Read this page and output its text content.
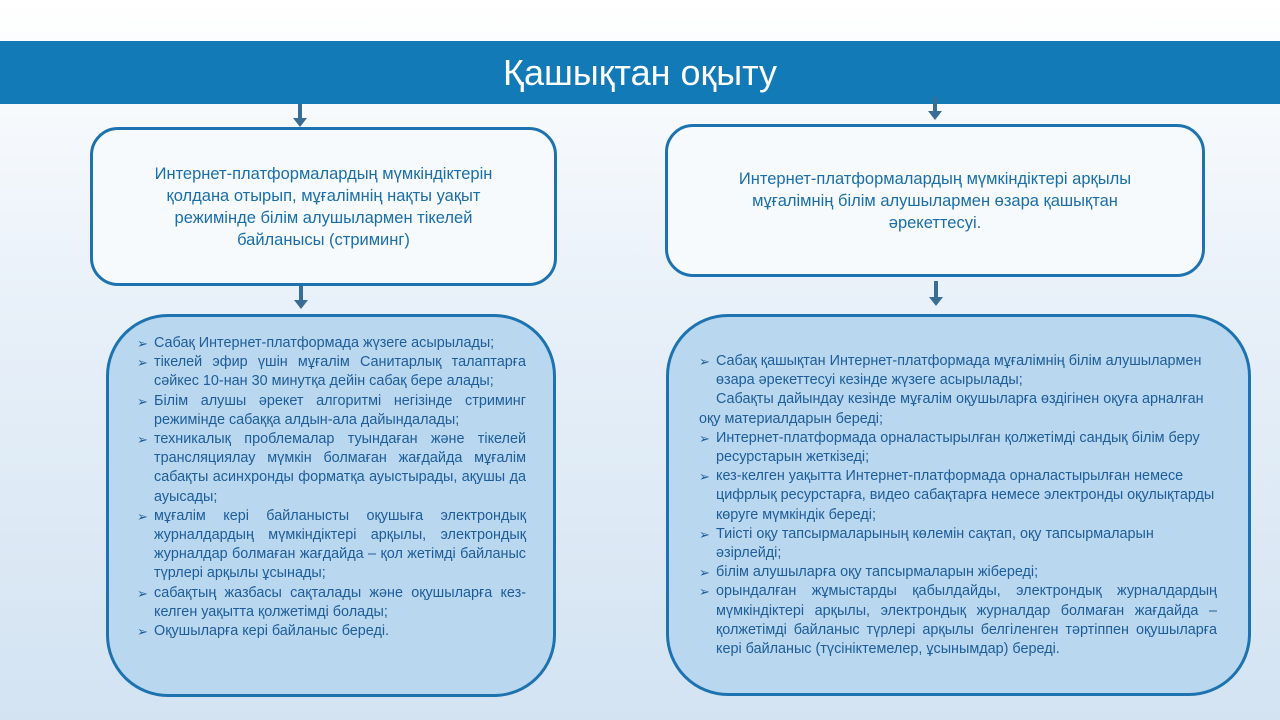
Қашықтан оқыту
Интернет-платформалардың мүмкіндіктерін
қолдана отырып, мұғалімнің нақты уақыт
режимінде білім алушылармен тікелей
байланысы (стриминг)
Интернет-платформалардың мүмкіндіктері арқылы
мұғалімнің білім алушылармен өзара қашықтан
әрекеттесуі.
➢ Сабақ Интернет-платформада жүзеге асырылады;
➢ тікелей эфир үшін мұғалім Санитарлық талаптарға сәйкес 10-нан 30 минутқа дейін сабақ бере алады;
➢ Білім алушы әрекет алгоритмі негізінде стриминг режимінде сабаққа алдын-ала дайындалады;
➢ техникалық проблемалар туындаған және тікелей трансляциялау мүмкін болмаған жағдайда мұғалім сабақты асинхронды форматқа ауыстырады, ақушы да ауысады;
➢ мұғалім кері байланысты оқушыға электрондық журналдардың мүмкіндіктері арқылы, электрондық журналдар болмаған жағдайда – қол жетімді байланыс түрлері арқылы ұсынады;
➢ сабақтың жазбасы сақталады және оқушыларға кез-келген уақытта қолжетімді болады;
➢ Оқушыларға кері байланыс береді.
➢ Сабақ қашықтан Интернет-платформада мұғалімнің білім алушылармен өзара әрекеттесуі кезінде жүзеге асырылады;
Сабақты дайындау кезінде мұғалім оқушыларға өздігінен оқуға арналған оқу материалдарын береді;
➢ Интернет-платформада орналастырылған қолжетімді сандық білім беру ресурстарын жеткізеді;
➢ кез-келген уақытта Интернет-платформада орналастырылған немесе цифрлық ресурстарға, видео сабақтарға немесе электронды оқулықтарды көруге мүмкіндік береді;
➢ Тиісті оқу тапсырмаларының көлемін сақтап, оқу тапсырмаларын әзірлейді;
➢ білім алушыларға оқу тапсырмаларын жібереді;
➢ орындалған жұмыстарды қабылдайды, электрондық журналдардың мүмкіндіктері арқылы, электрондық журналдар болмаған жағдайда – қолжетімді байланыс түрлері арқылы белгіленген тәртіппен оқушыларға кері байланыс (түсініктемелер, ұсынымдар) береді.
